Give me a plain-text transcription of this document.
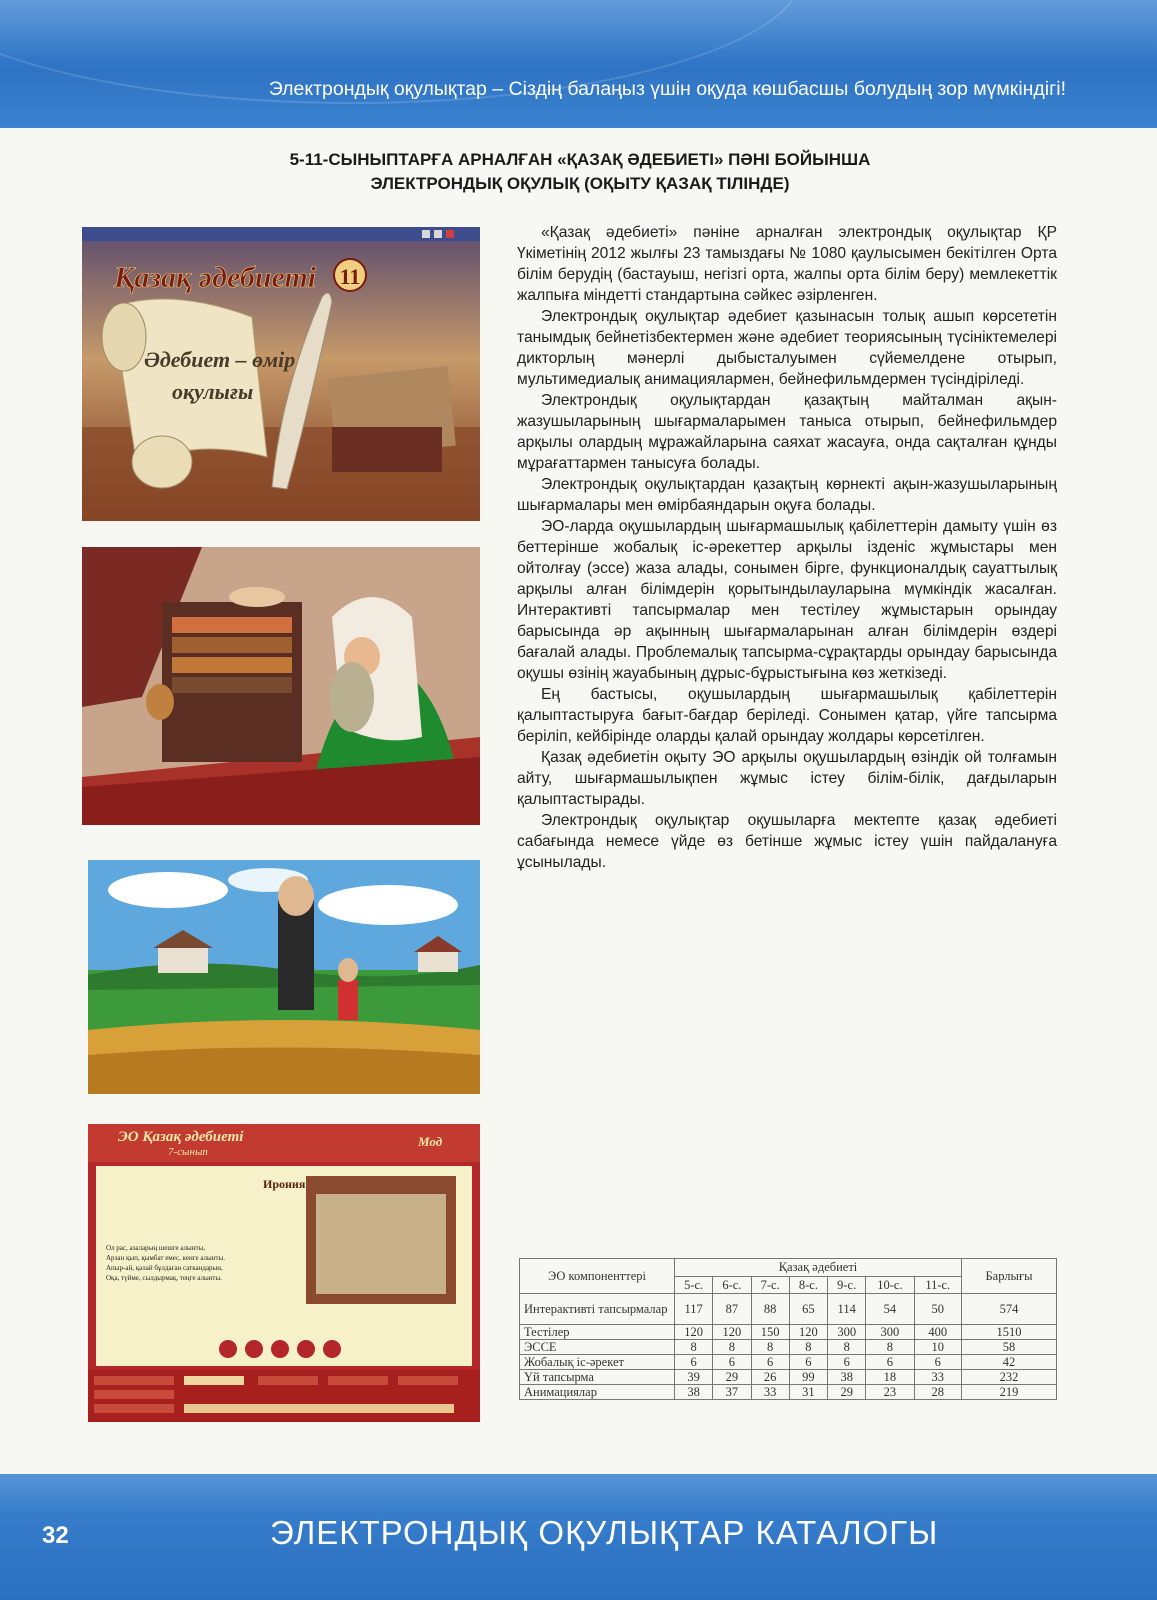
Электрондық оқулықтар – Сіздің балаңыз үшін оқуда көшбасшы болудың зор мүмкіндігі!
5-11-СЫНЫПТАРҒА АРНАЛҒАН «ҚАЗАҚ ӘДЕБИЕТІ» ПӘНІ БОЙЫНША
ЭЛЕКТРОНДЫҚ ОҚУЛЫҚ (ОҚЫТУ ҚАЗАҚ ТІЛІНДЕ)
Қазақ әдебиеті 11
Әдебиет – өмір
оқулығы
ЭО Қазақ әдебиеті
7-сынып
Мод
Ирония
Ол рас, азаларың шешге алынты,
Арзан қып, қымбат емес, кенге алынты.
Апыр-ай, қалай бұлдаған саткандарын,
Оқа, түйме, сылдырмақ, теңге алынты.

«Қазақ әдебиеті» пәніне арналған электрондық оқулықтар ҚР Үкіметінің 2012 жылғы 23 тамыздағы № 1080 қаулысымен бекітілген Орта білім берудің (бастауыш, негізгі орта, жалпы орта білім беру) мемлекеттік жалпыға міндетті стандартына сәйкес әзірленген.

Электрондық оқулықтар әдебиет қазынасын толық ашып көрсететін танымдық бейнетізбектермен және әдебиет теориясының түсініктемелері дикторлың мәнерлі дыбысталуымен сүйемелдене отырып, мультимедиалық анимациялармен, бейнефильмдермен түсіндіріледі.

Электрондық оқулықтардан қазақтың майталман ақын-жазушыларының шығармаларымен таныса отырып, бейнефильмдер арқылы олардың мұражайларына саяхат жасауға, онда сақталған құнды мұрағаттармен танысуға болады.

Электрондық оқулықтардан қазақтың көрнекті ақын-жазушыларының шығармалары мен өмірбаяндарын оқуға болады.

ЭО-ларда оқушылардың шығармашылық қабілеттерін дамыту үшін өз беттерінше жобалық іс-әрекеттер арқылы ізденіс жұмыстары мен ойтолғау (эссе) жаза алады, сонымен бірге, функционалдық сауаттылық арқылы алған білімдерін қорытындылауларына мүмкіндік жасалған. Интерактивті тапсырмалар мен тестілеу жұмыстарын орындау барысында әр ақынның шығармаларынан алған білімдерін өздері бағалай алады. Проблемалық тапсырма-сұрақтарды орындау барысында оқушы өзінің жауабының дұрыс-бұрыстығына көз жеткізеді.

Ең бастысы, оқушылардың шығармашылық қабілеттерін қалыптастыруға бағыт-бағдар беріледі. Сонымен қатар, үйге тапсырма беріліп, кейбірінде оларды қалай орындау жолдары көрсетілген.

Қазақ әдебиетін оқыту ЭО арқылы оқушылардың өзіндік ой толғамын айту, шығармашылықпен жұмыс істеу білім-білік, дағдыларын қалыптастырады.

Электрондық оқулықтар оқушыларға мектепте қазақ әдебиеті сабағында немесе үйде өз бетінше жұмыс істеу үшін пайдалануға ұсынылады.

ЭО компоненттері	Қазақ әдебиеті							Барлығы
	5-с.	6-с.	7-с.	8-с.	9-с.	10-с.	11-с.	
Интерактивті тапсырмалар	117	87	88	65	114	54	50	574
Тестілер	120	120	150	120	300	300	400	1510
ЭССЕ	8	8	8	8	8	8	10	58
Жобалық іс-әрекет	6	6	6	6	6	6	6	42
Үй тапсырма	39	29	26	99	38	18	33	232
Анимациялар	38	37	33	31	29	23	28	219
32	ЭЛЕКТРОНДЫҚ ОҚУЛЫҚТАР КАТАЛОГЫ
